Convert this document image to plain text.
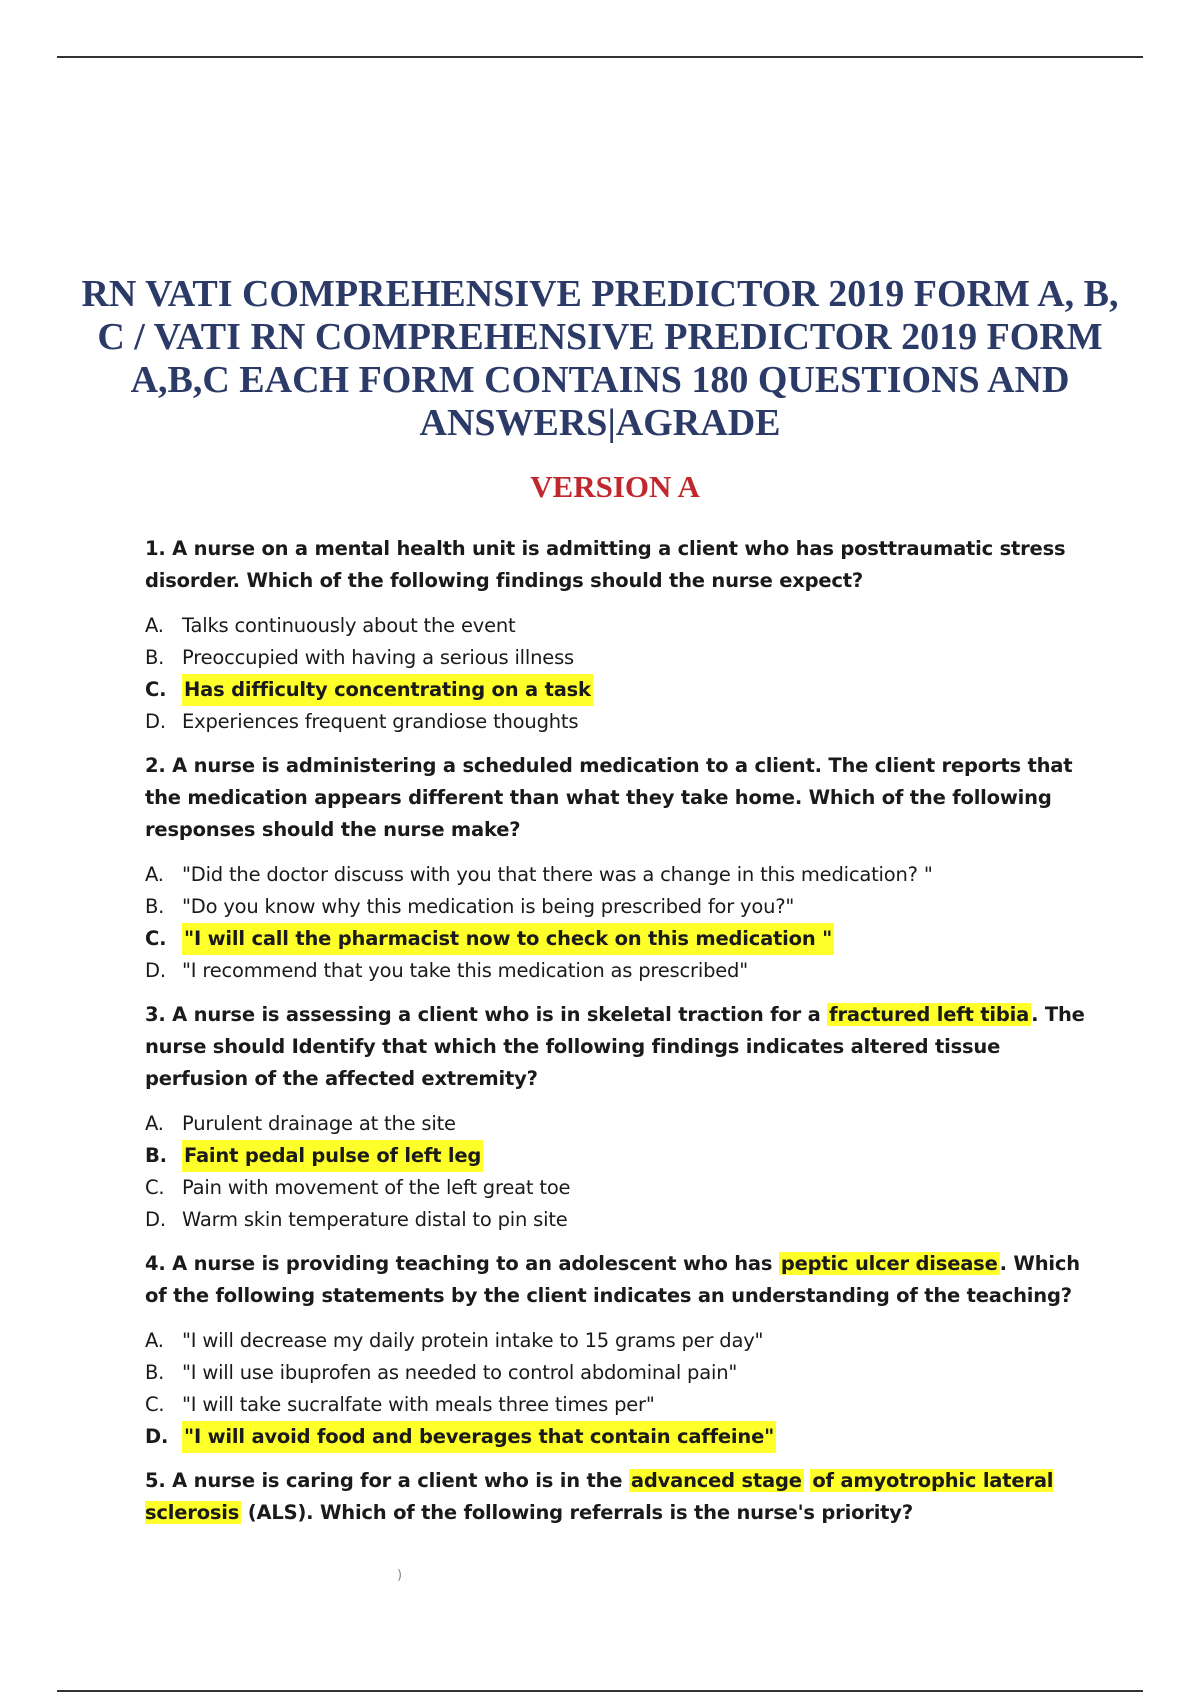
RN VATI COMPREHENSIVE PREDICTOR 2019 FORM A, B, C / VATI RN COMPREHENSIVE PREDICTOR 2019 FORM A,B,C EACH FORM CONTAINS 180 QUESTIONS AND ANSWERS|AGRADE
VERSION A

1. A nurse on a mental health unit is admitting a client who has posttraumatic stress disorder. Which of the following findings should the nurse expect?

A. Talks continuously about the event
B. Preoccupied with having a serious illness
C. Has difficulty concentrating on a task
D. Experiences frequent grandiose thoughts

2. A nurse is administering a scheduled medication to a client. The client reports that the medication appears different than what they take home. Which of the following responses should the nurse make?

A. "Did the doctor discuss with you that there was a change in this medication? "
B. "Do you know why this medication is being prescribed for you?"
C. "I will call the pharmacist now to check on this medication "
D. "I recommend that you take this medication as prescribed"

3. A nurse is assessing a client who is in skeletal traction for a fractured left tibia . The nurse should Identify that which the following findings indicates altered tissue perfusion of the affected extremity?

A. Purulent drainage at the site
B. Faint pedal pulse of left leg
C. Pain with movement of the left great toe
D. Warm skin temperature distal to pin site

4. A nurse is providing teaching to an adolescent who has peptic ulcer disease . Which of the following statements by the client indicates an understanding of the teaching?

A. "I will decrease my daily protein intake to 15 grams per day"
B. "I will use ibuprofen as needed to control abdominal pain"
C. "I will take sucralfate with meals three times per"
D. "I will avoid food and beverages that contain caffeine"

5. A nurse is caring for a client who is in the advanced stage of amyotrophic lateral sclerosis (ALS). Which of the following referrals is the nurse's priority?

)
